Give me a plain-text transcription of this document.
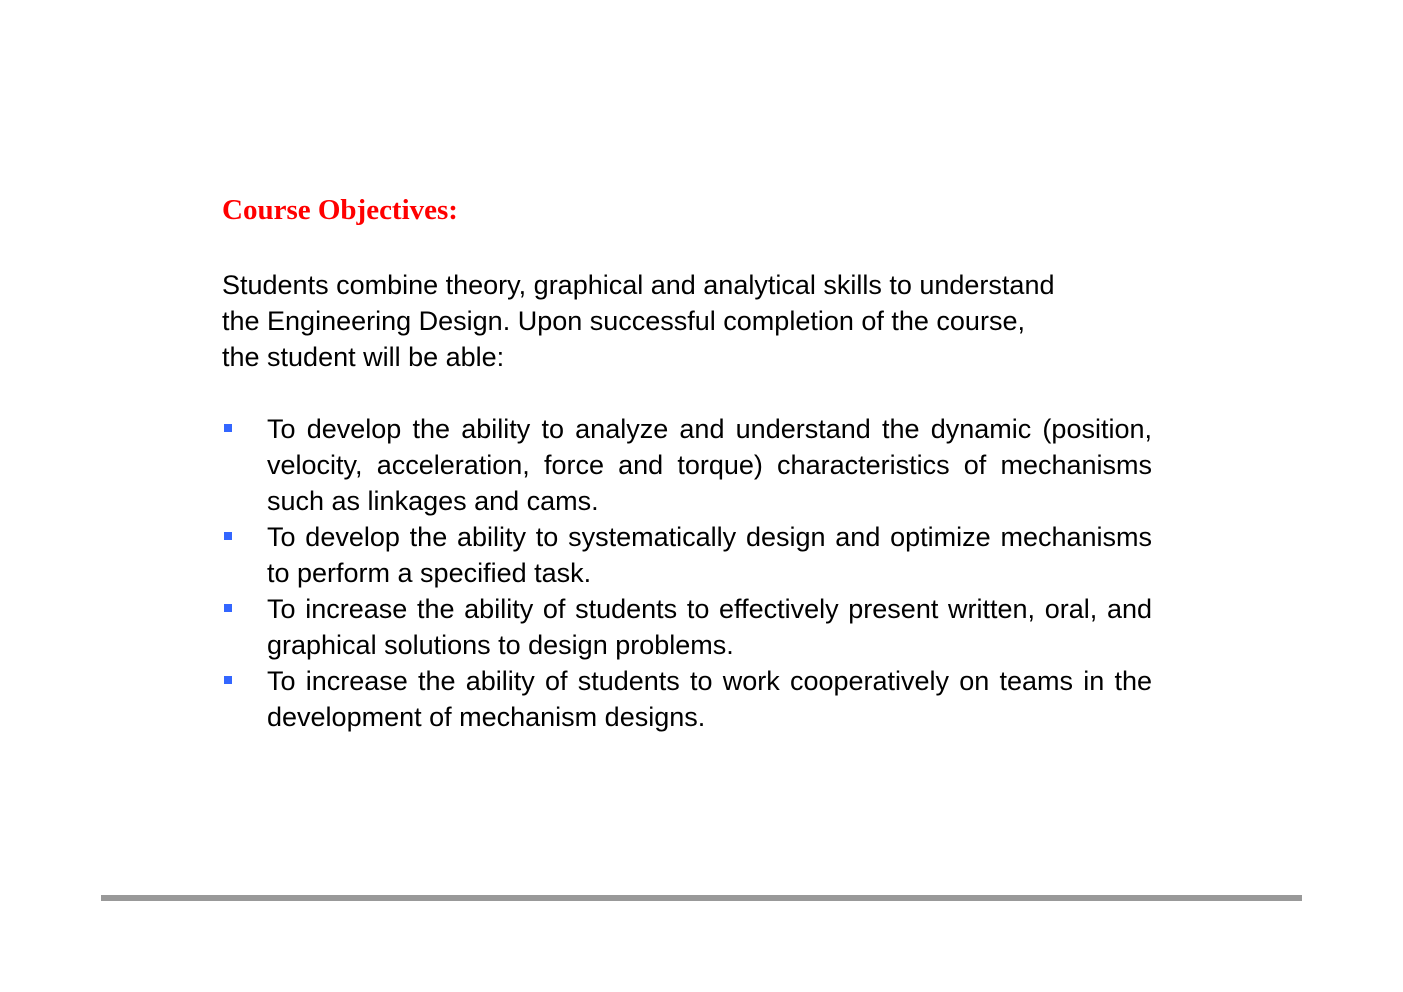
Course Objectives:

Students combine theory, graphical and analytical skills to understand
the Engineering Design. Upon successful completion of the course,
the student will be able:

To develop the ability to analyze and understand the dynamic (position, velocity, acceleration, force and torque) characteristics of mechanisms such as linkages and cams.
To develop the ability to systematically design and optimize mechanisms to perform a specified task.
To increase the ability of students to effectively present written, oral, and graphical solutions to design problems.
To increase the ability of students to work cooperatively on teams in the development of mechanism designs.
